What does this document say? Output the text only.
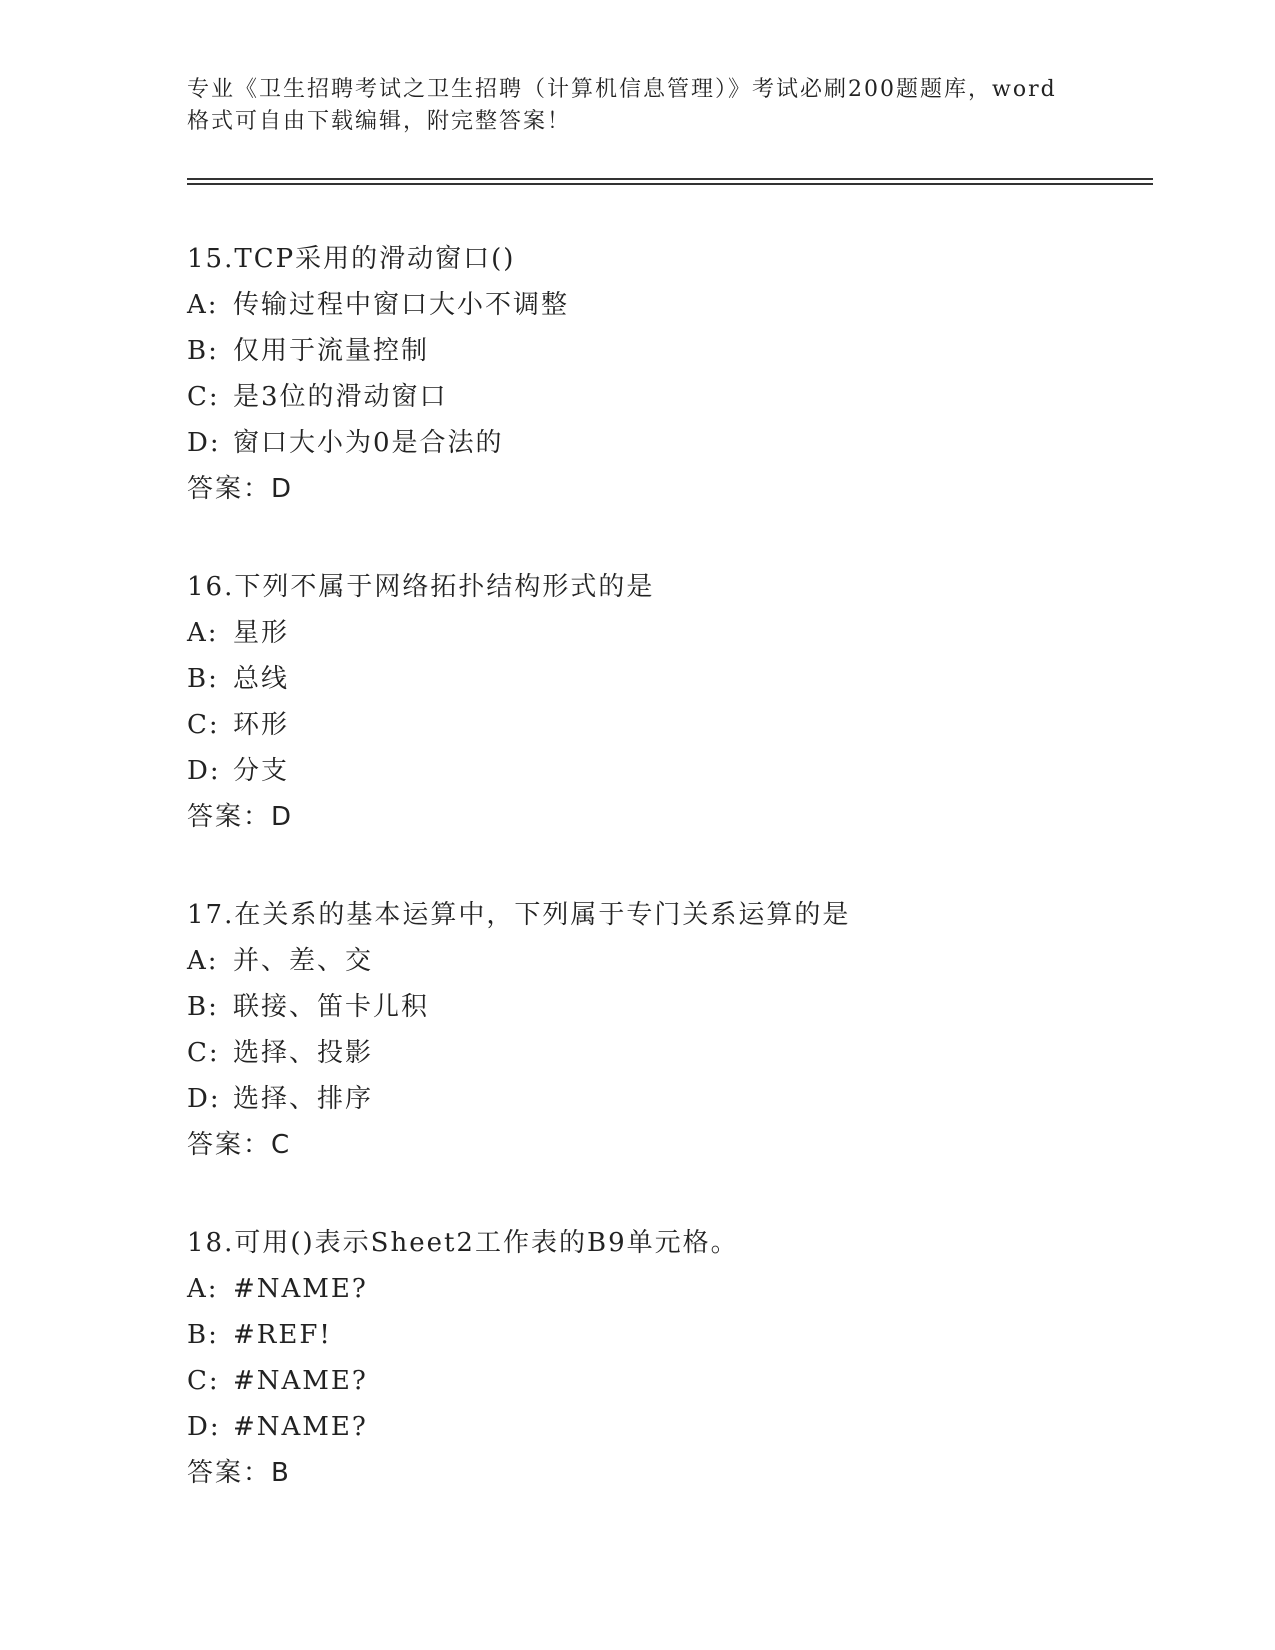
专业《卫生招聘考试之卫生招聘（计算机信息管理）》考试必刷200题题库，word
格式可自由下载编辑，附完整答案！
15.TCP采用的滑动窗口()
A: 传输过程中窗口大小不调整
B: 仅用于流量控制
C: 是3位的滑动窗口
D: 窗口大小为0是合法的
答案：D
16.下列不属于网络拓扑结构形式的是
A: 星形
B: 总线
C: 环形
D: 分支
答案：D
17.在关系的基本运算中，下列属于专门关系运算的是
A: 并、差、交
B: 联接、笛卡儿积
C: 选择、投影
D: 选择、排序
答案：C
18.可用()表示Sheet2工作表的B9单元格。
A: #NAME?
B: #REF!
C: #NAME?
D: #NAME?
答案：B
